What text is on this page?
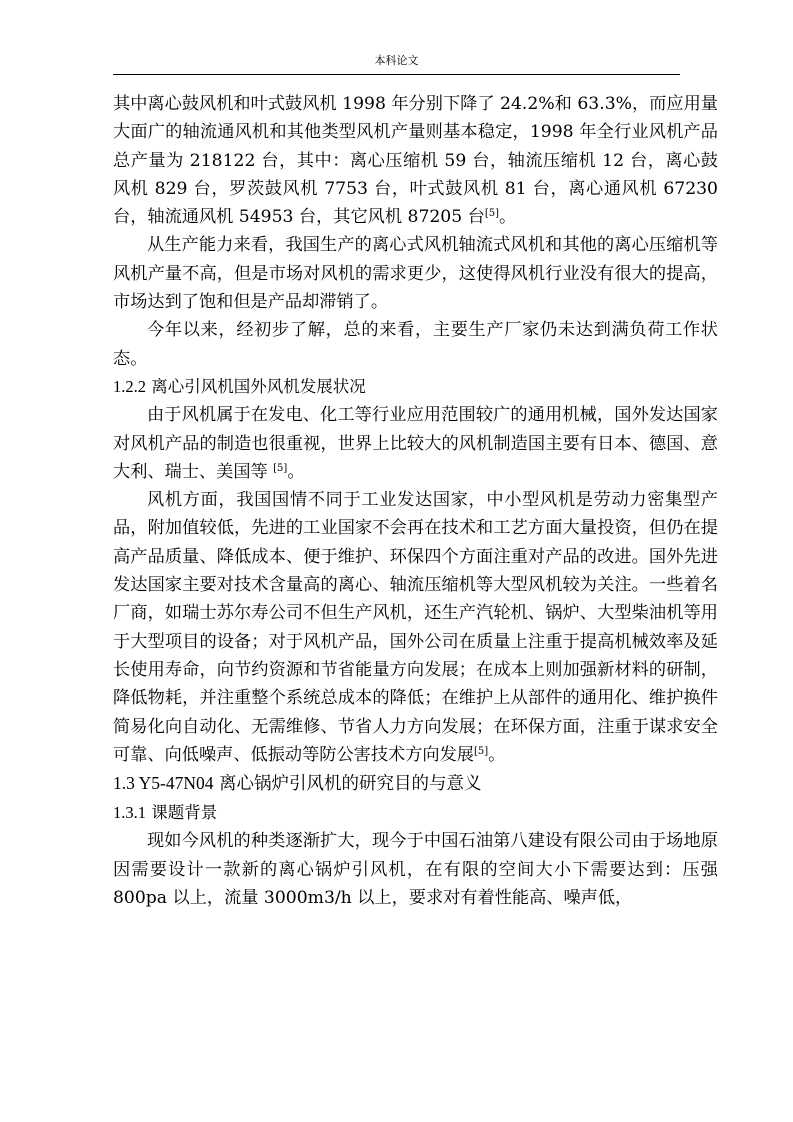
本科论文

其中离心鼓风机和叶式鼓风机 1998 年分别下降了 24.2%和 63.3%，而应用量大面广的轴流通风机和其他类型风机产量则基本稳定，1998 年全行业风机产品总产量为 218122 台，其中：离心压缩机 59 台，轴流压缩机 12 台，离心鼓风机 829 台，罗茨鼓风机 7753 台，叶式鼓风机 81 台，离心通风机 67230 台，轴流通风机 54953 台，其它风机 87205 台[5]。

从生产能力来看，我国生产的离心式风机轴流式风机和其他的离心压缩机等风机产量不高，但是市场对风机的需求更少，这使得风机行业没有很大的提高，市场达到了饱和但是产品却滞销了。

今年以来，经初步了解，总的来看，主要生产厂家仍未达到满负荷工作状态。

1.2.2 离心引风机国外风机发展状况

由于风机属于在发电、化工等行业应用范围较广的通用机械，国外发达国家对风机产品的制造也很重视，世界上比较大的风机制造国主要有日本、德国、意大利、瑞士、美国等 [5]。

风机方面，我国国情不同于工业发达国家，中小型风机是劳动力密集型产品，附加值较低，先进的工业国家不会再在技术和工艺方面大量投资，但仍在提高产品质量、降低成本、便于维护、环保四个方面注重对产品的改进。国外先进发达国家主要对技术含量高的离心、轴流压缩机等大型风机较为关注。一些着名厂商，如瑞士苏尔寿公司不但生产风机，还生产汽轮机、锅炉、大型柴油机等用于大型项目的设备；对于风机产品，国外公司在质量上注重于提高机械效率及延长使用寿命，向节约资源和节省能量方向发展；在成本上则加强新材料的研制，降低物耗，并注重整个系统总成本的降低；在维护上从部件的通用化、维护换件简易化向自动化、无需维修、节省人力方向发展；在环保方面，注重于谋求安全可靠、向低噪声、低振动等防公害技术方向发展[5]。

1.3 Y5-47N04 离心锅炉引风机的研究目的与意义

1.3.1 课题背景

现如今风机的种类逐渐扩大，现今于中国石油第八建设有限公司由于场地原因需要设计一款新的离心锅炉引风机，在有限的空间大小下需要达到：压强 800pa 以上，流量 3000m3/h 以上，要求对有着性能高、噪声低，
